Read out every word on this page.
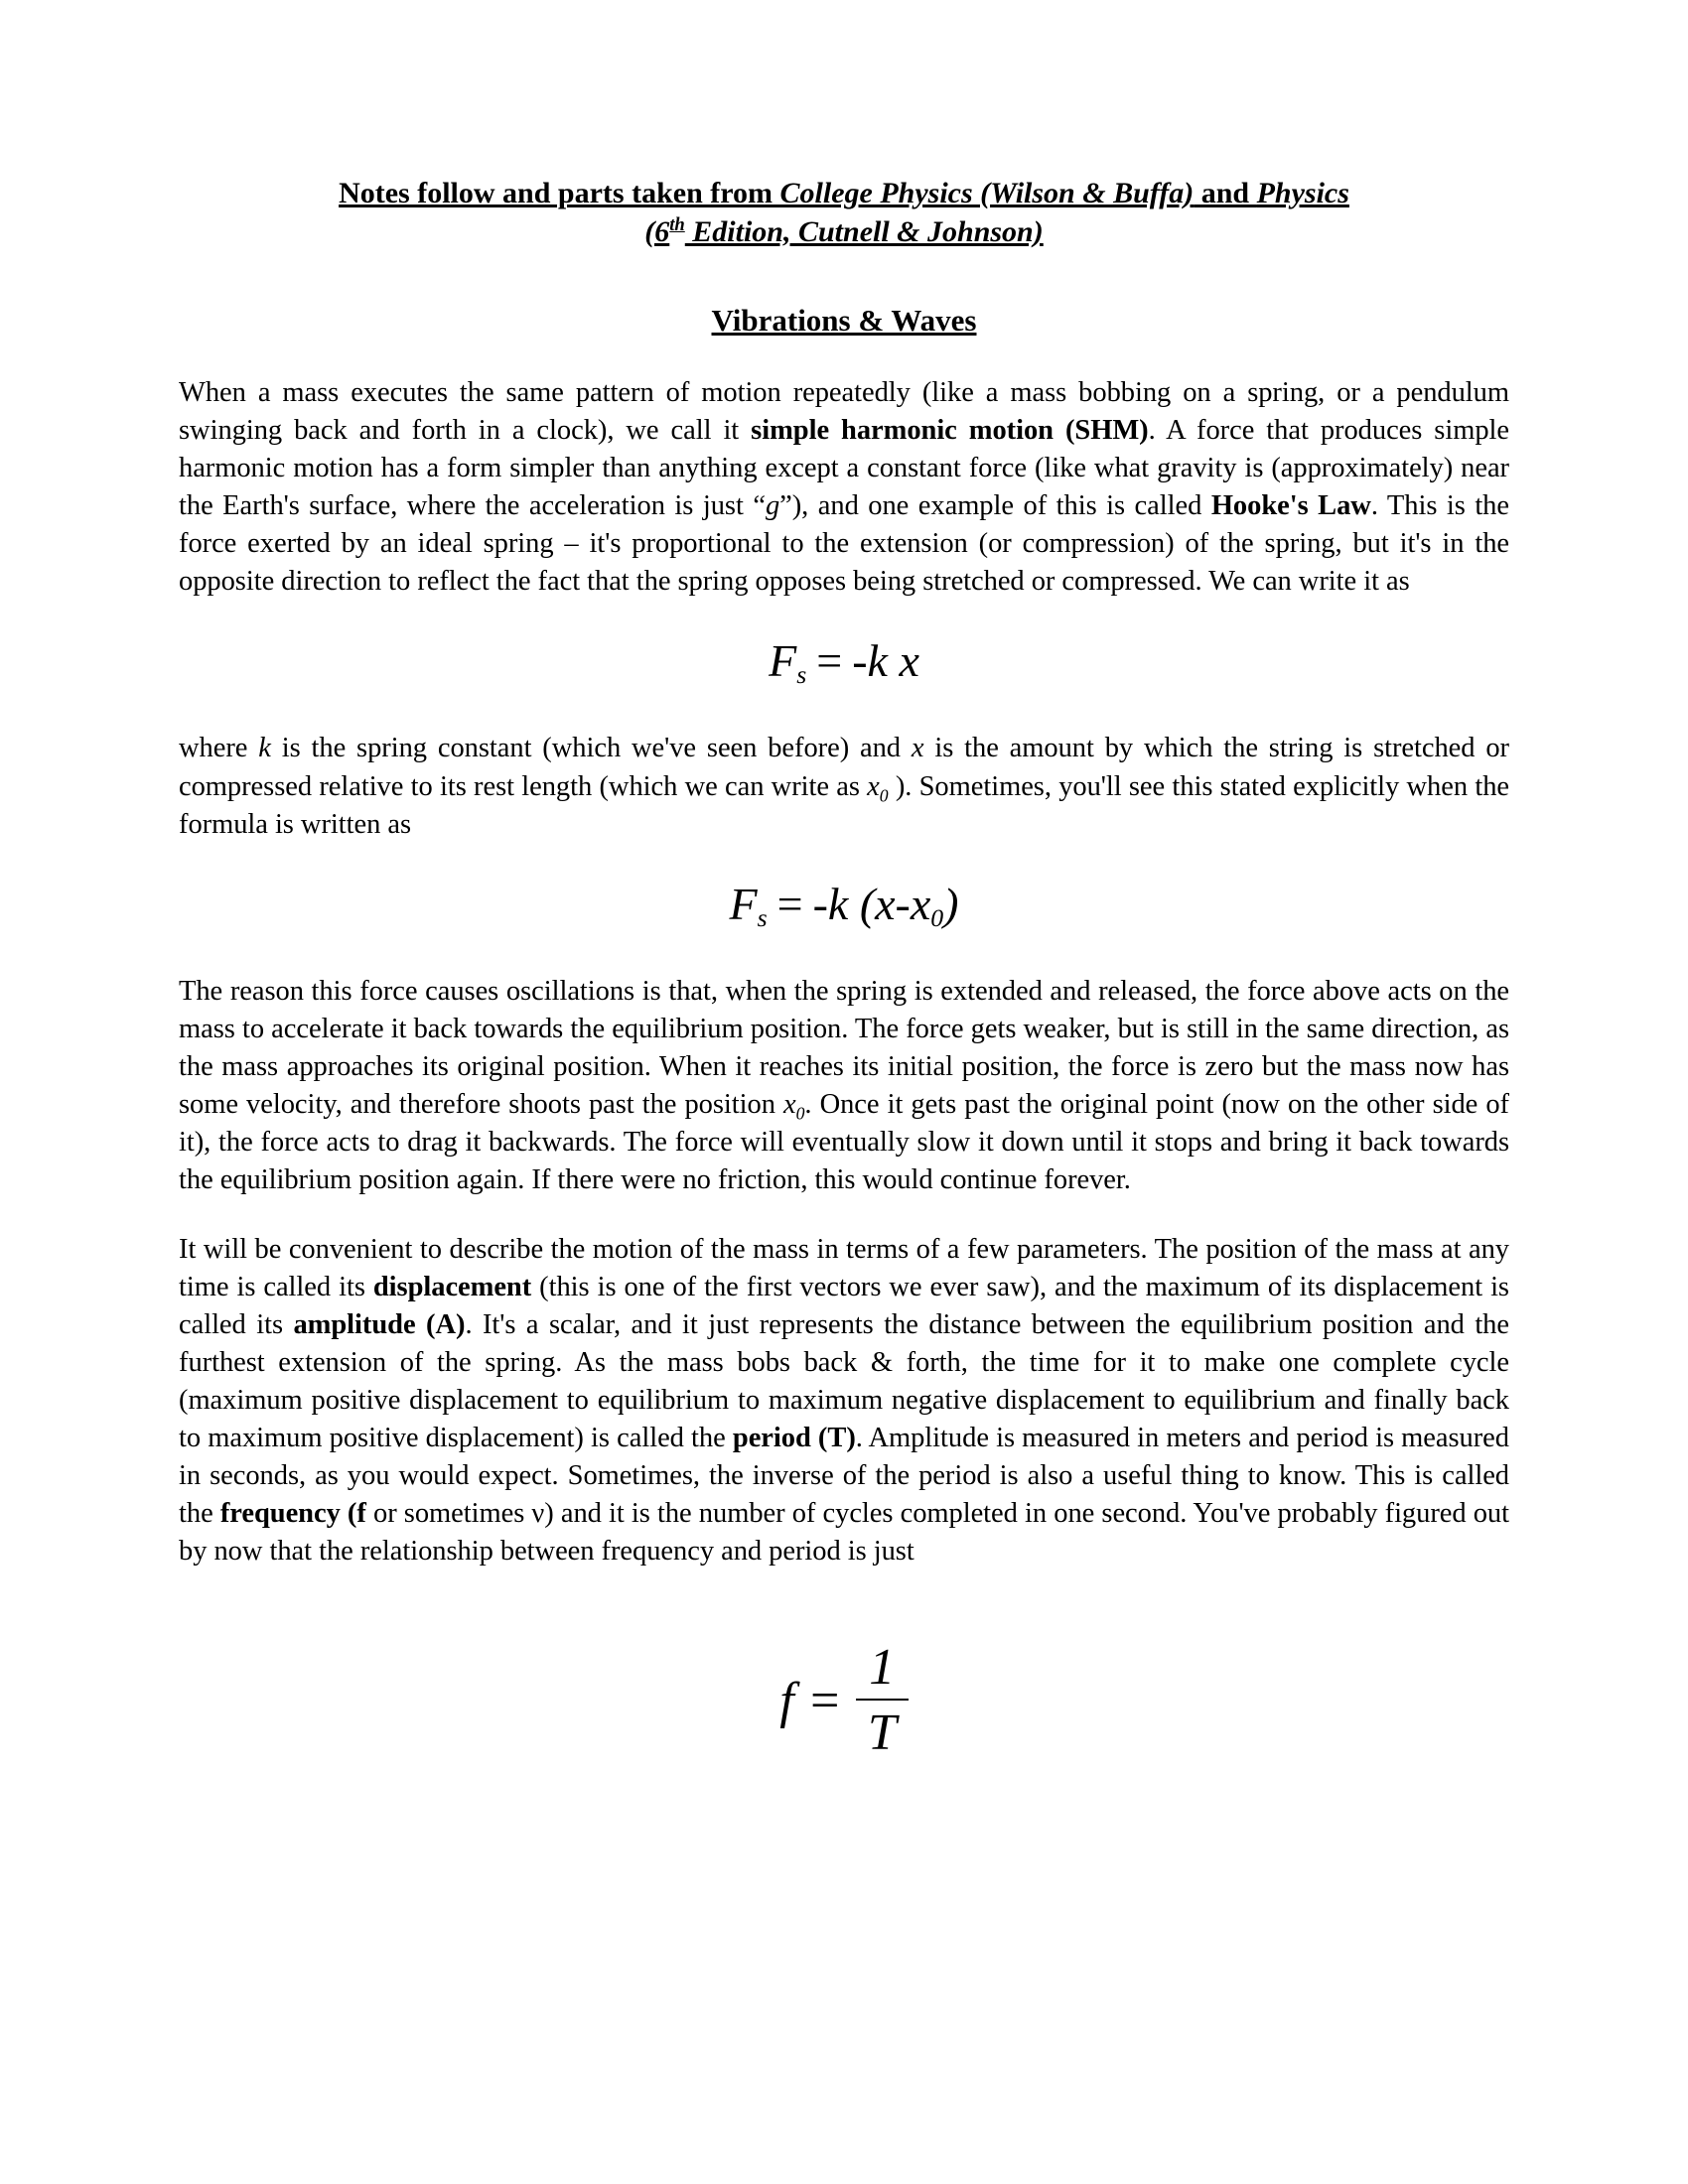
Notes follow and parts taken from College Physics (Wilson & Buffa) and Physics
(6th Edition, Cutnell & Johnson)
Vibrations & Waves

When a mass executes the same pattern of motion repeatedly (like a mass bobbing on a spring, or a pendulum swinging back and forth in a clock), we call it simple harmonic motion (SHM). A force that produces simple harmonic motion has a form simpler than anything except a constant force (like what gravity is (approximately) near the Earth's surface, where the acceleration is just “g”), and one example of this is called Hooke's Law. This is the force exerted by an ideal spring – it's proportional to the extension (or compression) of the spring, but it's in the opposite direction to reflect the fact that the spring opposes being stretched or compressed. We can write it as

Fs = -k x

where k is the spring constant (which we've seen before) and x is the amount by which the string is stretched or compressed relative to its rest length (which we can write as $x_0$ ). Sometimes, you'll see this stated explicitly when the formula is written as

Fs = -k (x-x0)

The reason this force causes oscillations is that, when the spring is extended and released, the force above acts on the mass to accelerate it back towards the equilibrium position. The force gets weaker, but is still in the same direction, as the mass approaches its original position. When it reaches its initial position, the force is zero but the mass now has some velocity, and therefore shoots past the position $x_0$. Once it gets past the original point (now on the other side of it), the force acts to drag it backwards. The force will eventually slow it down until it stops and bring it back towards the equilibrium position again. If there were no friction, this would continue forever.

It will be convenient to describe the motion of the mass in terms of a few parameters. The position of the mass at any time is called its displacement (this is one of the first vectors we ever saw), and the maximum of its displacement is called its amplitude (A). It's a scalar, and it just represents the distance between the equilibrium position and the furthest extension of the spring. As the mass bobs back & forth, the time for it to make one complete cycle (maximum positive displacement to equilibrium to maximum negative displacement to equilibrium and finally back to maximum positive displacement) is called the period (T). Amplitude is measured in meters and period is measured in seconds, as you would expect. Sometimes, the inverse of the period is also a useful thing to know. This is called the frequency (f or sometimes ν) and it is the number of cycles completed in one second. You've probably figured out by now that the relationship between frequency and period is just

$f = \frac{1}{T}$
